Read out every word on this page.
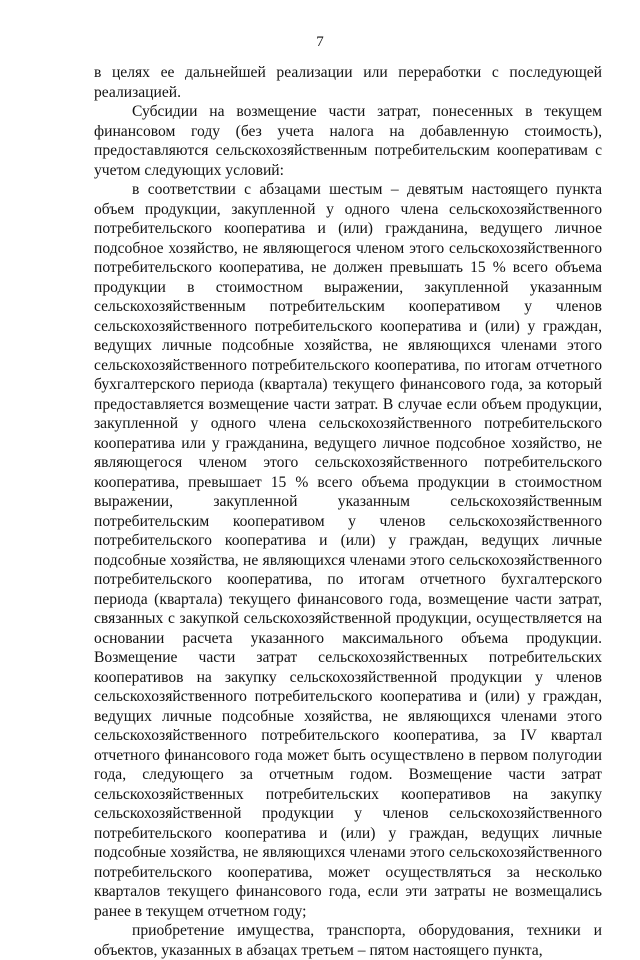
7

в целях ее дальнейшей реализации или переработки с последующей реализацией.

Субсидии на возмещение части затрат, понесенных в текущем финансовом году (без учета налога на добавленную стоимость), предоставляются сельскохозяйственным потребительским кооперативам с учетом следующих условий:

в соответствии с абзацами шестым – девятым настоящего пункта объем продукции, закупленной у одного члена сельскохозяйственного потребительского кооператива и (или) гражданина, ведущего личное подсобное хозяйство, не являющегося членом этого сельскохозяйственного потребительского кооператива, не должен превышать 15 % всего объема продукции в стоимостном выражении, закупленной указанным сельскохозяйственным потребительским кооперативом у членов сельскохозяйственного потребительского кооператива и (или) у граждан, ведущих личные подсобные хозяйства, не являющихся членами этого сельскохозяйственного потребительского кооператива, по итогам отчетного бухгалтерского периода (квартала) текущего финансового года, за который предоставляется возмещение части затрат. В случае если объем продукции, закупленной у одного члена сельскохозяйственного потребительского кооператива или у гражданина, ведущего личное подсобное хозяйство, не являющегося членом этого сельскохозяйственного потребительского кооператива, превышает 15 % всего объема продукции в стоимостном выражении, закупленной указанным сельскохозяйственным потребительским кооперативом у членов сельскохозяйственного потребительского кооператива и (или) у граждан, ведущих личные подсобные хозяйства, не являющихся членами этого сельскохозяйственного потребительского кооператива, по итогам отчетного бухгалтерского периода (квартала) текущего финансового года, возмещение части затрат, связанных с закупкой сельскохозяйственной продукции, осуществляется на основании расчета указанного максимального объема продукции. Возмещение части затрат сельскохозяйственных потребительских кооперативов на закупку сельскохозяйственной продукции у членов сельскохозяйственного потребительского кооператива и (или) у граждан, ведущих личные подсобные хозяйства, не являющихся членами этого сельскохозяйственного потребительского кооператива, за IV квартал отчетного финансового года может быть осуществлено в первом полугодии года, следующего за отчетным годом. Возмещение части затрат сельскохозяйственных потребительских кооперативов на закупку сельскохозяйственной продукции у членов сельскохозяйственного потребительского кооператива и (или) у граждан, ведущих личные подсобные хозяйства, не являющихся членами этого сельскохозяйственного потребительского кооператива, может осуществляться за несколько кварталов текущего финансового года, если эти затраты не возмещались ранее в текущем отчетном году;

приобретение имущества, транспорта, оборудования, техники и объектов, указанных в абзацах третьем – пятом настоящего пункта,
